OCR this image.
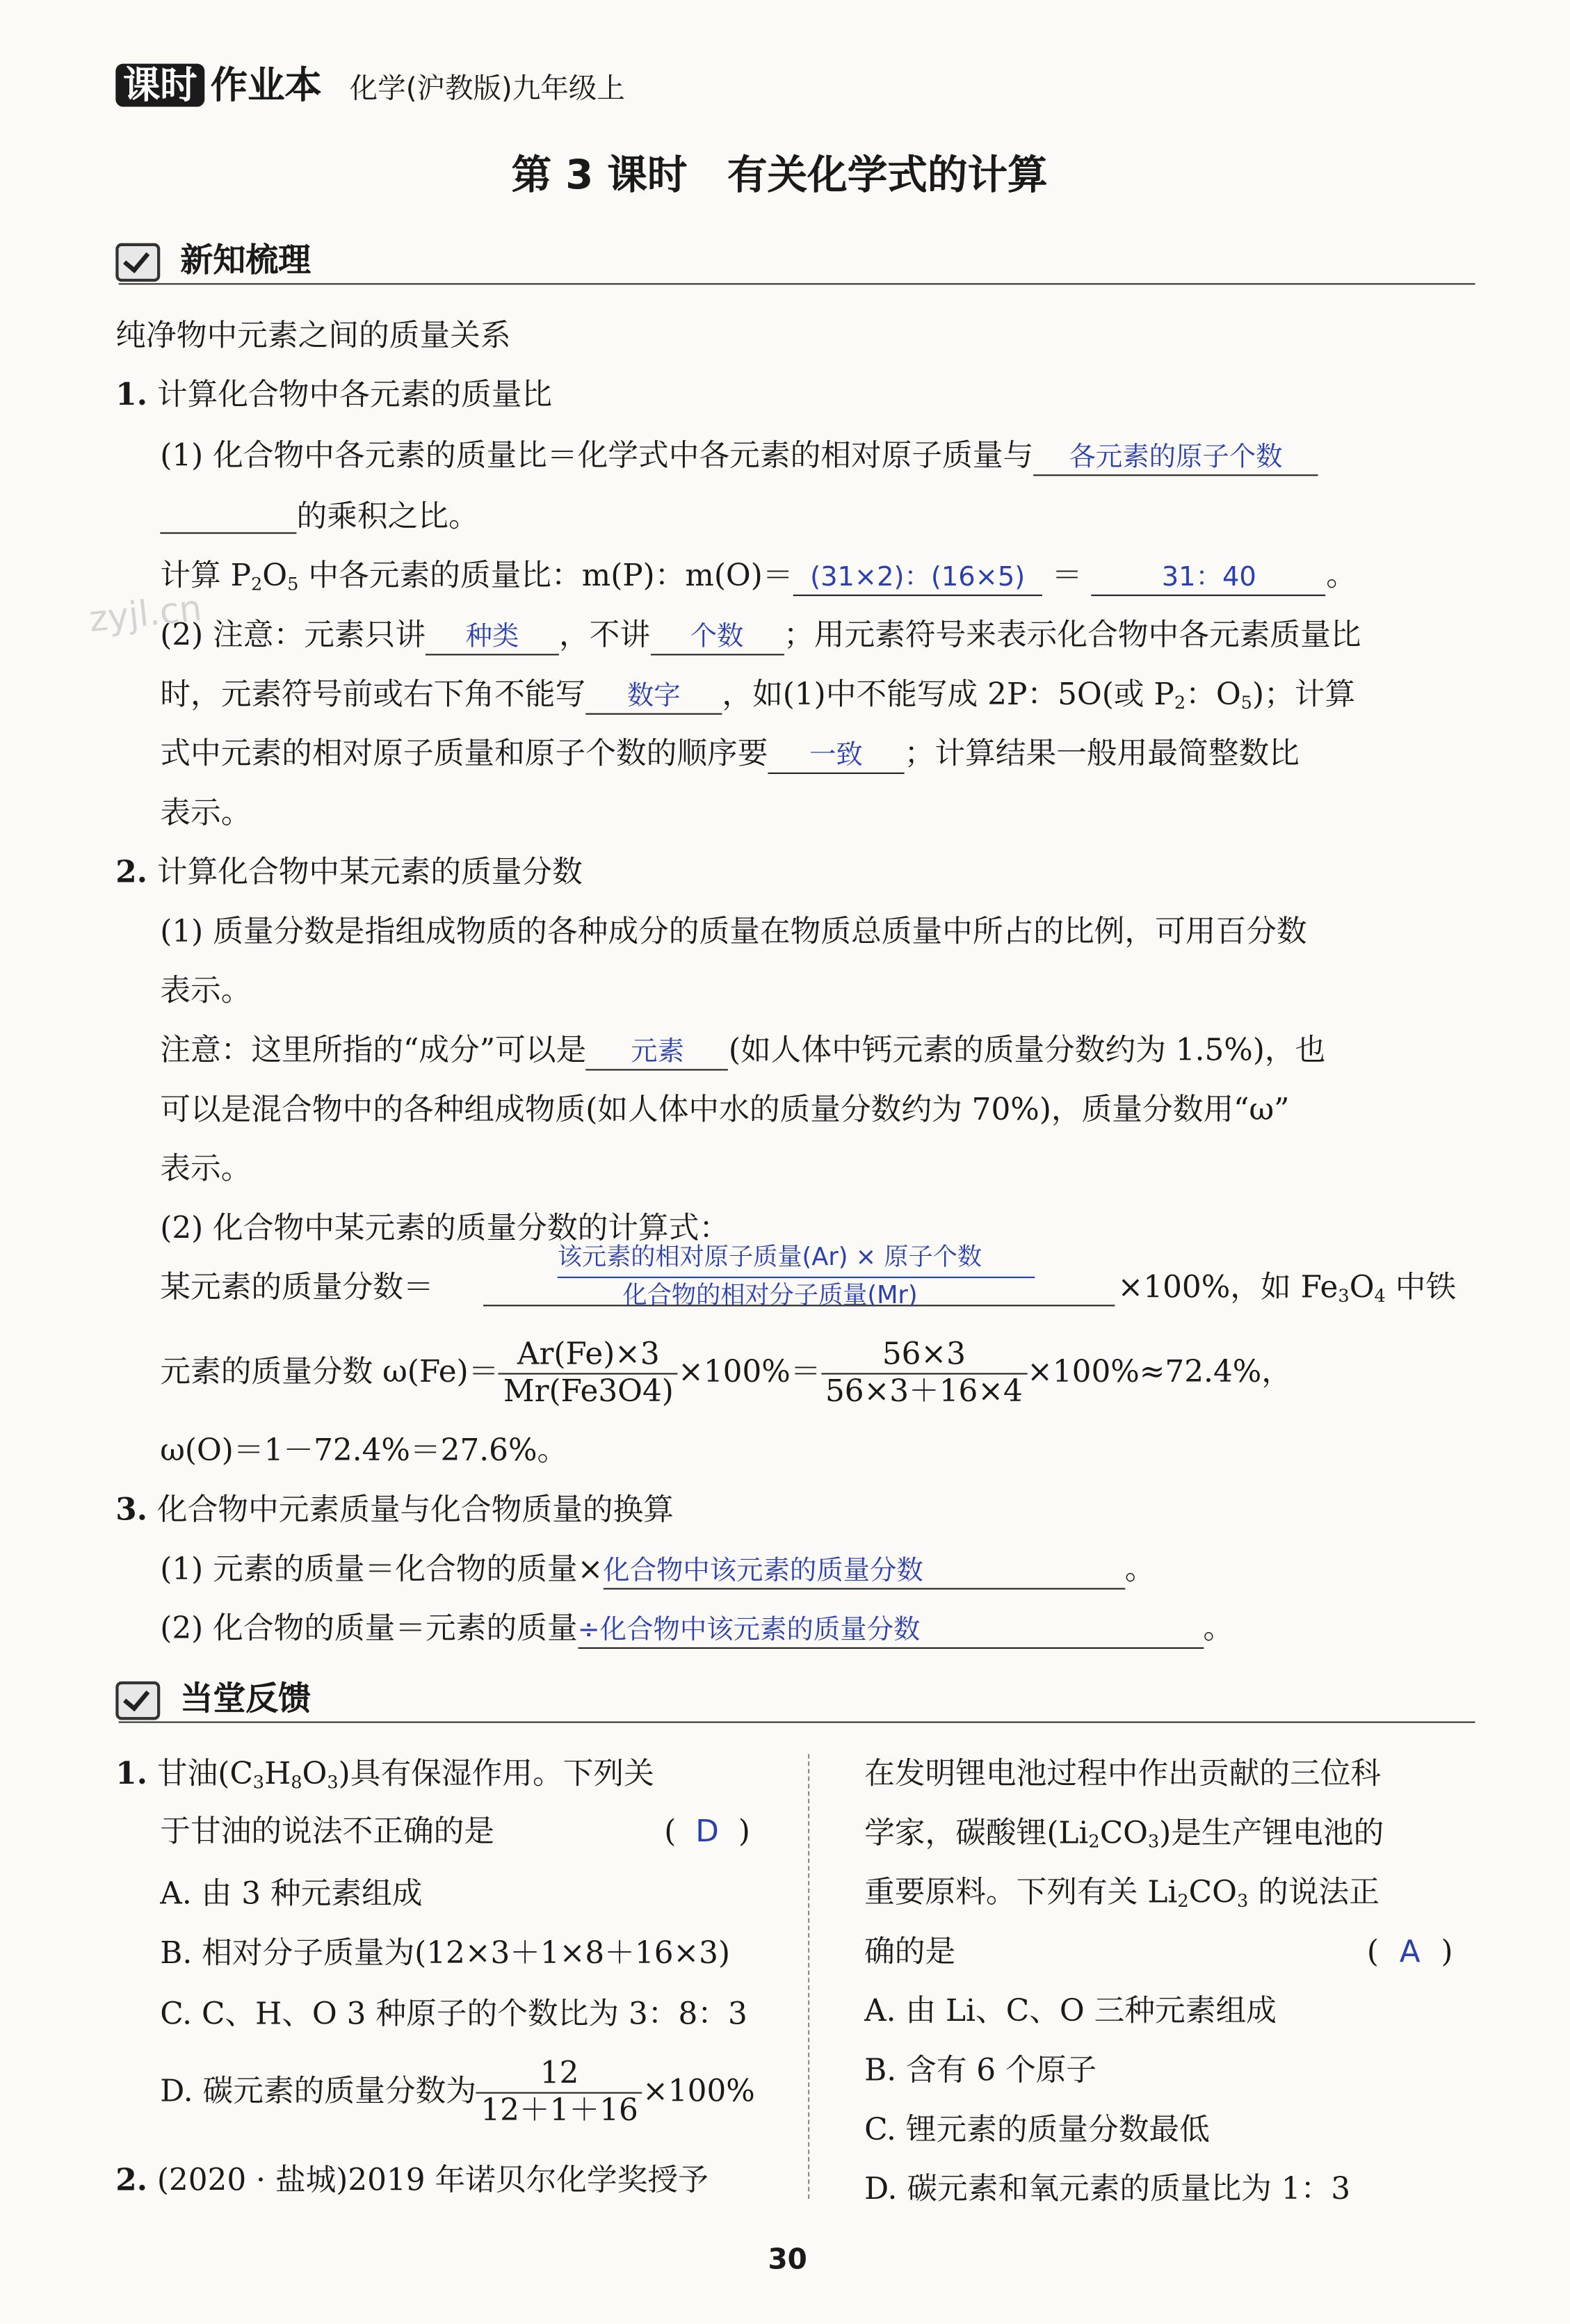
课时 作业本 化学(沪教版)九年级上
第 3 课时　有关化学式的计算
新知梳理
纯净物中元素之间的质量关系
1. 计算化合物中各元素的质量比
(1) 化合物中各元素的质量比＝化学式中各元素的相对原子质量与	各元素的原子个数
的乘积之比。
计算 $P_2O_5$ 中各元素的质量比：m(P)：m(O)＝ (31×2)：(16×5) ＝	31：40	。
(2) 注意：元素只讲	种类	，不讲	个数	；用元素符号来表示化合物中各元素质量比
时，元素符号前或右下角不能写	数字	，如(1)中不能写成 2P：5O(或 $P_2$：$O_5$)；计算
式中元素的相对原子质量和原子个数的顺序要	一致	；计算结果一般用最简整数比
表示。
2. 计算化合物中某元素的质量分数
(1) 质量分数是指组成物质的各种成分的质量在物质总质量中所占的比例，可用百分数
表示。
注意：这里所指的“成分”可以是	元素	(如人体中钙元素的质量分数约为 1.5%)，也
可以是混合物中的各种组成物质(如人体中水的质量分数约为 70%)，质量分数用“ω”
表示。
(2) 化合物中某元素的质量分数的计算式：
某元素的质量分数＝
该元素的相对原子质量(Ar) × 原子个数
化合物的相对分子质量(Mr)	×100%，如 $Fe_3O_4$ 中铁
元素的质量分数 $\omega(Fe)= \frac{Ar(Fe)\times 3}{Mr(Fe3O4)} \times 100\%= \frac{56\times 3}{56\times 3+16\times 4} \times 100\%\approx 72.4\%$，
ω(O)＝1－72.4%＝27.6%。
3. 化合物中元素质量与化合物质量的换算
(1) 元素的质量＝化合物的质量×化合物中该元素的质量分数	。
(2) 化合物的质量＝元素的质量÷化合物中该元素的质量分数	。
当堂反馈
1. 甘油$(C_3H_8O_3)$具有保湿作用。下列关
于甘油的说法不正确的是	( D )
A. 由 3 种元素组成
B. 相对分子质量为(12×3＋1×8＋16×3)
C. C、H、O 3 种原子的个数比为 3：8：3
D. 碳元素的质量分数为 $\frac{12}{12+1+16} \times 100\%$
2. (2020 · 盐城)2019 年诺贝尔化学奖授予
在发明锂电池过程中作出贡献的三位科
学家，碳酸锂$(Li_2CO_3)$是生产锂电池的
重要原料。下列有关 $Li_2CO_3$ 的说法正
确的是	( A )
A. 由 Li、C、O 三种元素组成
B. 含有 6 个原子
C. 锂元素的质量分数最低
D. 碳元素和氧元素的质量比为 1：3
30
zyjl.cn
